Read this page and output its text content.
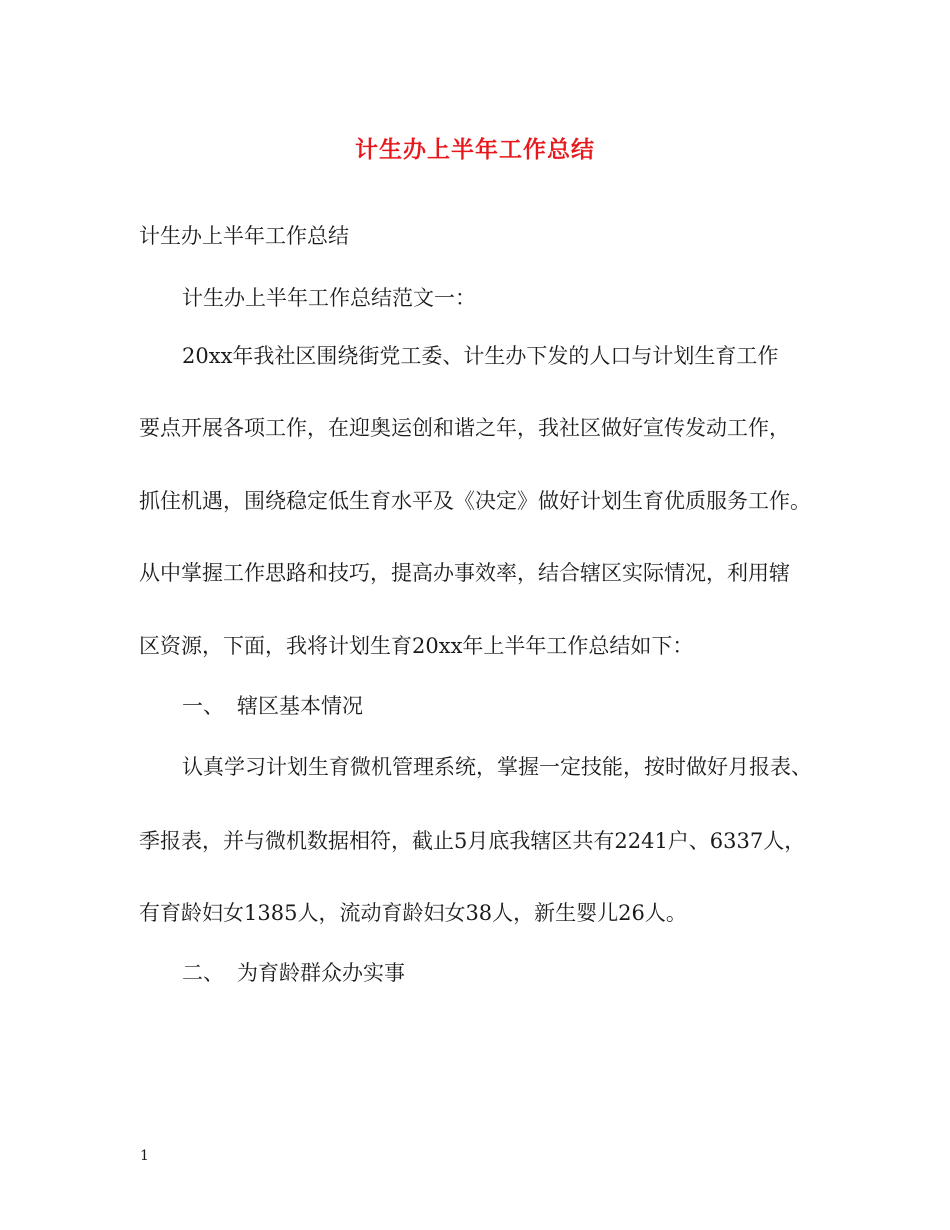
计生办上半年工作总结
计生办上半年工作总结
计生办上半年工作总结范文一：
20xx年我社区围绕街党工委、计生办下发的人口与计划生育工作
要点开展各项工作，在迎奥运创和谐之年，我社区做好宣传发动工作，
抓住机遇，围绕稳定低生育水平及《决定》做好计划生育优质服务工作。
从中掌握工作思路和技巧，提高办事效率，结合辖区实际情况，利用辖
区资源，下面，我将计划生育20xx年上半年工作总结如下：
一、 辖区基本情况
认真学习计划生育微机管理系统，掌握一定技能，按时做好月报表、
季报表，并与微机数据相符，截止5月底我辖区共有2241户、6337人，
有育龄妇女1385人，流动育龄妇女38人，新生婴儿26人。
二、 为育龄群众办实事
1
